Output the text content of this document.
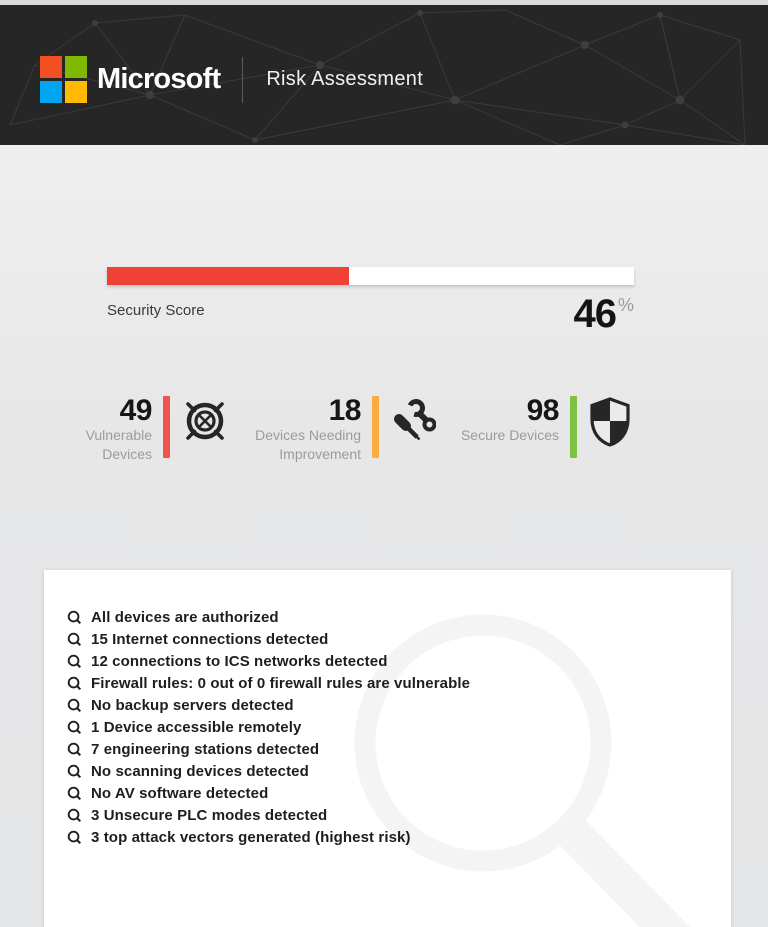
Microsoft Risk Assessment
Security Score	46 %
49
Vulnerable
Devices
18
Devices Needing
Improvement
98
Secure Devices
All devices are authorized
15 Internet connections detected
12 connections to ICS networks detected
Firewall rules: 0 out of 0 firewall rules are vulnerable
No backup servers detected
1 Device accessible remotely
7 engineering stations detected
No scanning devices detected
No AV software detected
3 Unsecure PLC modes detected
3 top attack vectors generated (highest risk)
